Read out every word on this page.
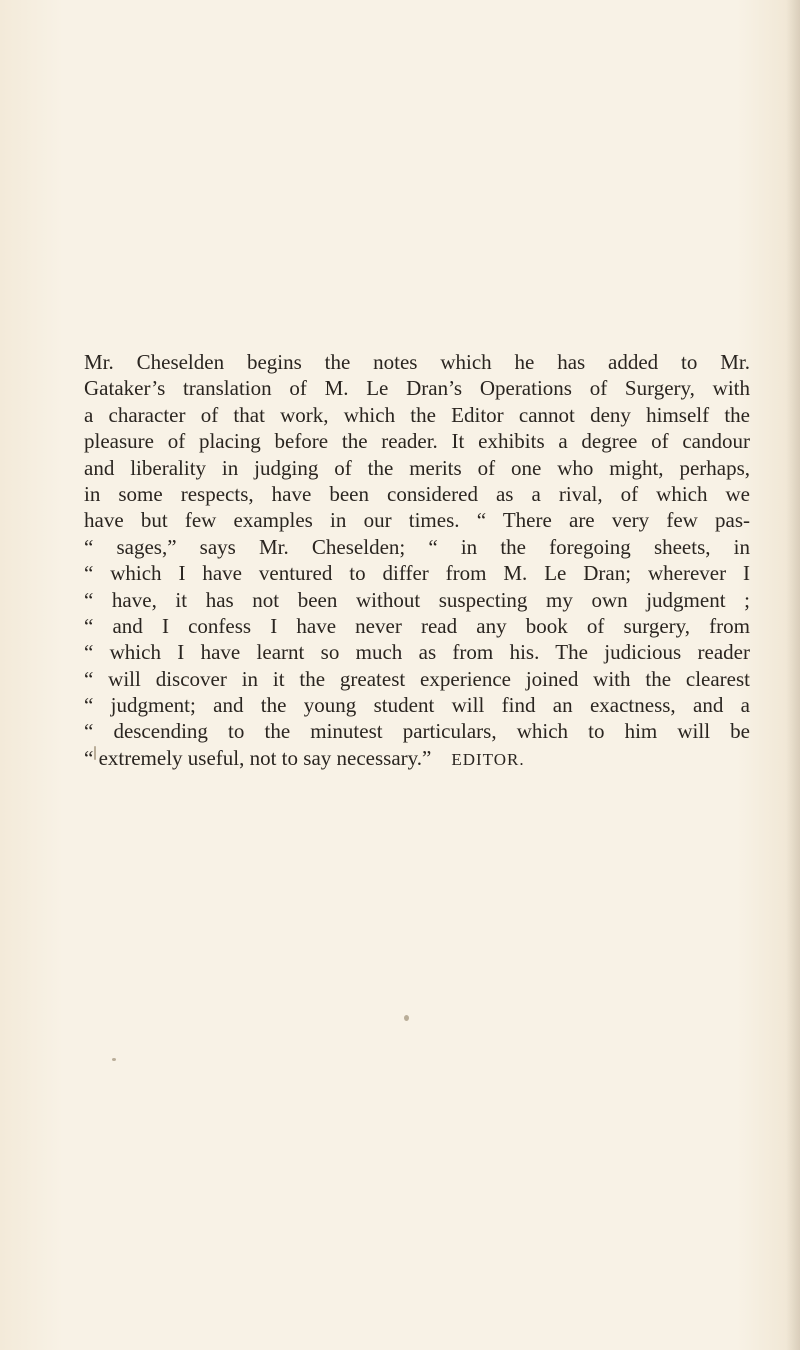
Mr. Cheselden begins the notes which he has added to Mr.
Gataker’s translation of M. Le Dran’s Operations of Surgery, with
a character of that work, which the Editor cannot deny himself the
pleasure of placing before the reader. It exhibits a degree of candour
and liberality in judging of the merits of one who might, perhaps,
in some respects, have been considered as a rival, of which we
have but few examples in our times. “ There are very few pas-
“ sages,” says Mr. Cheselden; “ in the foregoing sheets, in
“ which I have ventured to differ from M. Le Dran; wherever I
“ have, it has not been without suspecting my own judgment ;
“ and I confess I have never read any book of surgery, from
“ which I have learnt so much as from his. The judicious reader
“ will discover in it the greatest experience joined with the clearest
“ judgment; and the young student will find an exactness, and a
“ descending to the minutest particulars, which to him will be
“ extremely useful, not to say necessary.” EDITOR.
